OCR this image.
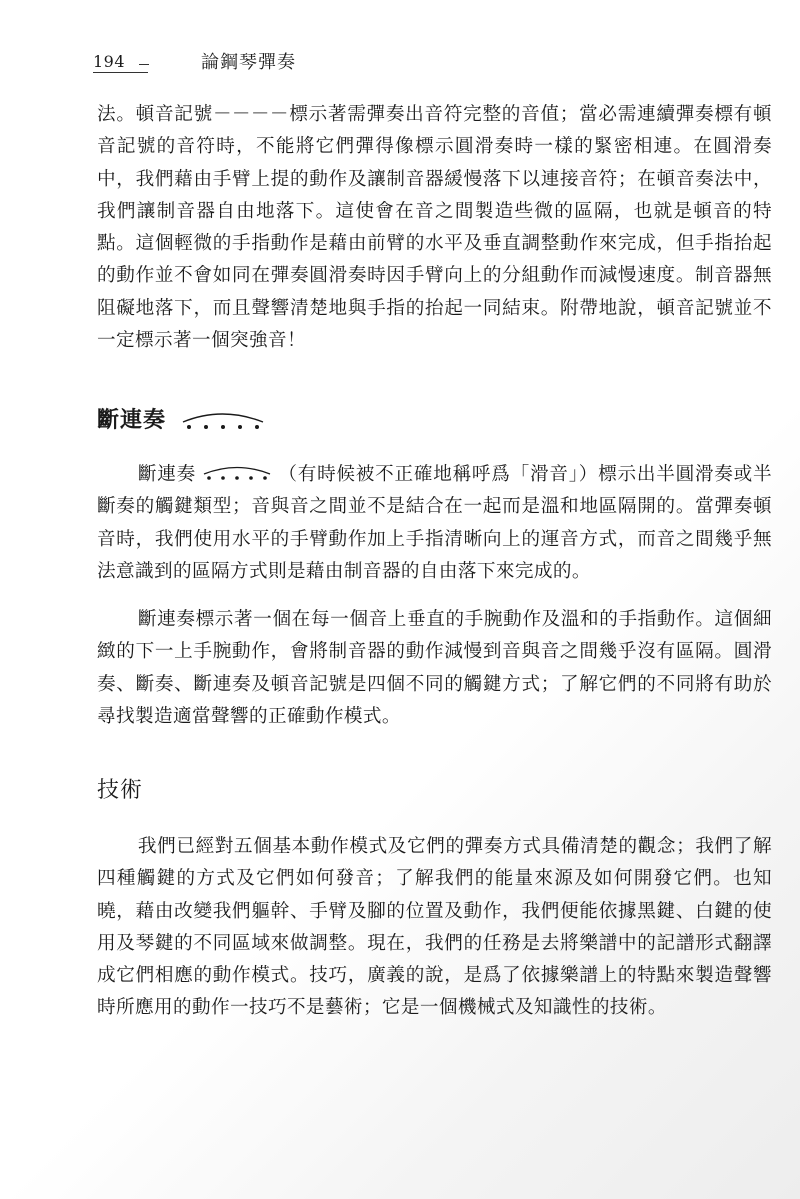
194	論鋼琴彈奏

法。頓音記號－－－－標示著需彈奏出音符完整的音值；當必需連續彈奏標有頓音記號的音符時，不能將它們彈得像標示圓滑奏時一樣的緊密相連。在圓滑奏中，我們藉由手臂上提的動作及讓制音器緩慢落下以連接音符；在頓音奏法中，我們讓制音器自由地落下。這使會在音之間製造些微的區隔，也就是頓音的特點。這個輕微的手指動作是藉由前臂的水平及垂直調整動作來完成，但手指抬起的動作並不會如同在彈奏圓滑奏時因手臂向上的分組動作而減慢速度。制音器無阻礙地落下，而且聲響清楚地與手指的抬起一同結束。附帶地說，頓音記號並不一定標示著一個突強音！

斷連奏

斷連奏	（有時候被不正確地稱呼爲「滑音」）標示出半圓滑奏或半斷奏的觸鍵類型；音與音之間並不是結合在一起而是溫和地區隔開的。當彈奏頓音時，我們使用水平的手臂動作加上手指清晰向上的運音方式，而音之間幾乎無法意識到的區隔方式則是藉由制音器的自由落下來完成的。

斷連奏標示著一個在每一個音上垂直的手腕動作及溫和的手指動作。這個細緻的下一上手腕動作，會將制音器的動作減慢到音與音之間幾乎沒有區隔。圓滑奏、斷奏、斷連奏及頓音記號是四個不同的觸鍵方式；了解它們的不同將有助於尋找製造適當聲響的正確動作模式。

技術

我們已經對五個基本動作模式及它們的彈奏方式具備清楚的觀念；我們了解四種觸鍵的方式及它們如何發音；了解我們的能量來源及如何開發它們。也知曉，藉由改變我們軀幹、手臂及腳的位置及動作，我們便能依據黑鍵、白鍵的使用及琴鍵的不同區域來做調整。現在，我們的任務是去將樂譜中的記譜形式翻譯成它們相應的動作模式。技巧，廣義的說，是爲了依據樂譜上的特點來製造聲響時所應用的動作一技巧不是藝術；它是一個機械式及知識性的技術。
